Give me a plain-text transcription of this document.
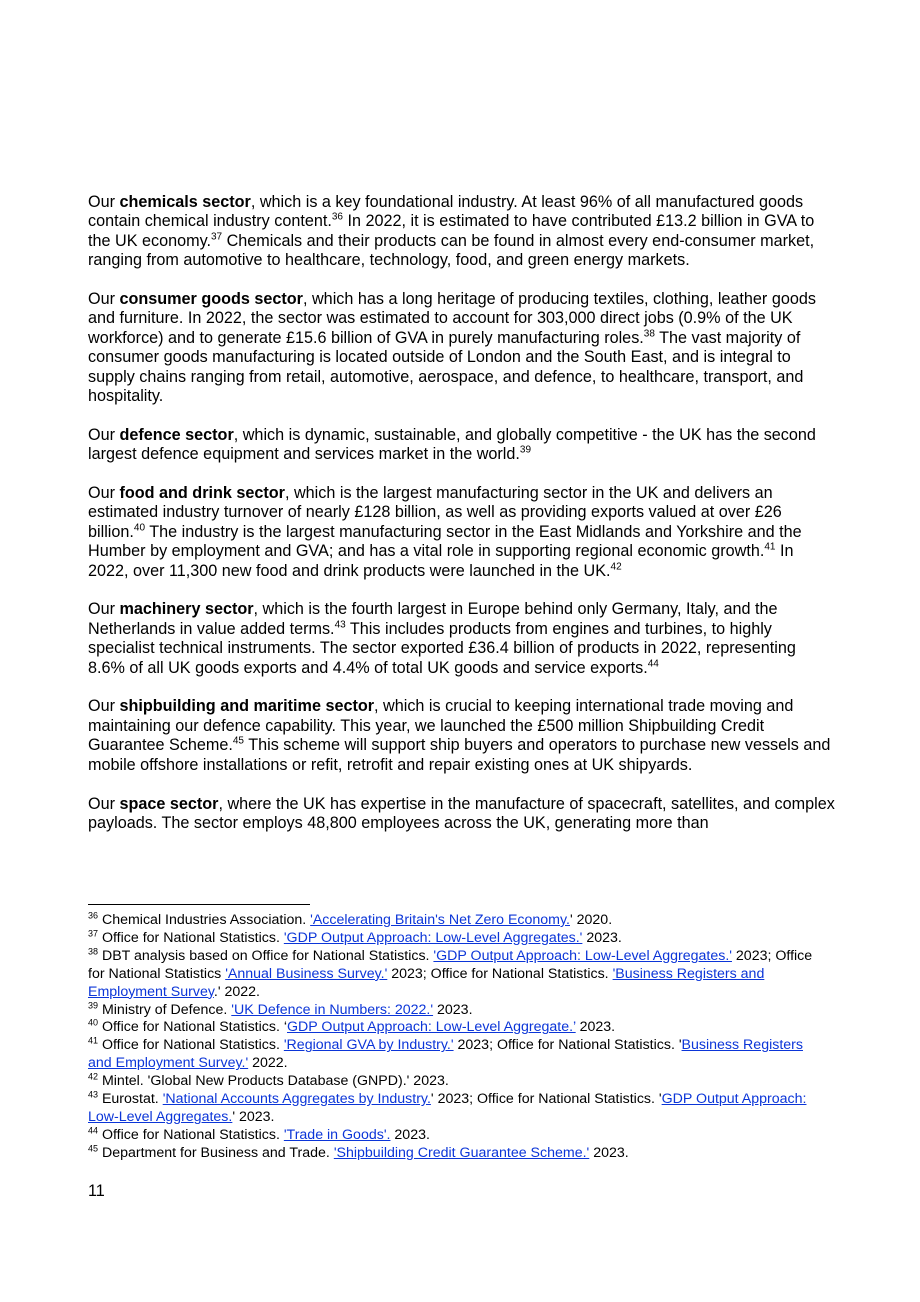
Our chemicals sector, which is a key foundational industry. At least 96% of all manufactured goods contain chemical industry content.$^{36}$ In 2022, it is estimated to have contributed £13.2 billion in GVA to the UK economy.$^{37}$ Chemicals and their products can be found in almost every end-consumer market, ranging from automotive to healthcare, technology, food, and green energy markets.

Our consumer goods sector, which has a long heritage of producing textiles, clothing, leather goods and furniture. In 2022, the sector was estimated to account for 303,000 direct jobs (0.9% of the UK workforce) and to generate £15.6 billion of GVA in purely manufacturing roles.$^{38}$ The vast majority of consumer goods manufacturing is located outside of London and the South East, and is integral to supply chains ranging from retail, automotive, aerospace, and defence, to healthcare, transport, and hospitality.

Our defence sector, which is dynamic, sustainable, and globally competitive - the UK has the second largest defence equipment and services market in the world.$^{39}$

Our food and drink sector, which is the largest manufacturing sector in the UK and delivers an estimated industry turnover of nearly £128 billion, as well as providing exports valued at over £26 billion.$^{40}$ The industry is the largest manufacturing sector in the East Midlands and Yorkshire and the Humber by employment and GVA; and has a vital role in supporting regional economic growth.$^{41}$ In 2022, over 11,300 new food and drink products were launched in the UK.$^{42}$

Our machinery sector, which is the fourth largest in Europe behind only Germany, Italy, and the Netherlands in value added terms.$^{43}$ This includes products from engines and turbines, to highly specialist technical instruments. The sector exported £36.4 billion of products in 2022, representing 8.6% of all UK goods exports and 4.4% of total UK goods and service exports.$^{44}$

Our shipbuilding and maritime sector, which is crucial to keeping international trade moving and maintaining our defence capability. This year, we launched the £500 million Shipbuilding Credit Guarantee Scheme.$^{45}$ This scheme will support ship buyers and operators to purchase new vessels and mobile offshore installations or refit, retrofit and repair existing ones at UK shipyards.

Our space sector, where the UK has expertise in the manufacture of spacecraft, satellites, and complex payloads. The sector employs 48,800 employees across the UK, generating more than

$^{36}$ Chemical Industries Association. 'Accelerating Britain's Net Zero Economy.' 2020.

$^{37}$ Office for National Statistics. 'GDP Output Approach: Low-Level Aggregates.' 2023.

$^{38}$ DBT analysis based on Office for National Statistics. 'GDP Output Approach: Low-Level Aggregates.' 2023; Office for National Statistics 'Annual Business Survey.' 2023; Office for National Statistics. 'Business Registers and Employment Survey.' 2022.

$^{39}$ Ministry of Defence. 'UK Defence in Numbers: 2022.' 2023.

$^{40}$ Office for National Statistics. ‘GDP Output Approach: Low-Level Aggregate.’ 2023.

$^{41}$ Office for National Statistics. 'Regional GVA by Industry.' 2023; Office for National Statistics. 'Business Registers and Employment Survey.' 2022.

$^{42}$ Mintel. 'Global New Products Database (GNPD).' 2023.

$^{43}$ Eurostat. 'National Accounts Aggregates by Industry.' 2023; Office for National Statistics. 'GDP Output Approach: Low-Level Aggregates.' 2023.

$^{44}$ Office for National Statistics. 'Trade in Goods'. 2023.

$^{45}$ Department for Business and Trade. 'Shipbuilding Credit Guarantee Scheme.' 2023.

11
